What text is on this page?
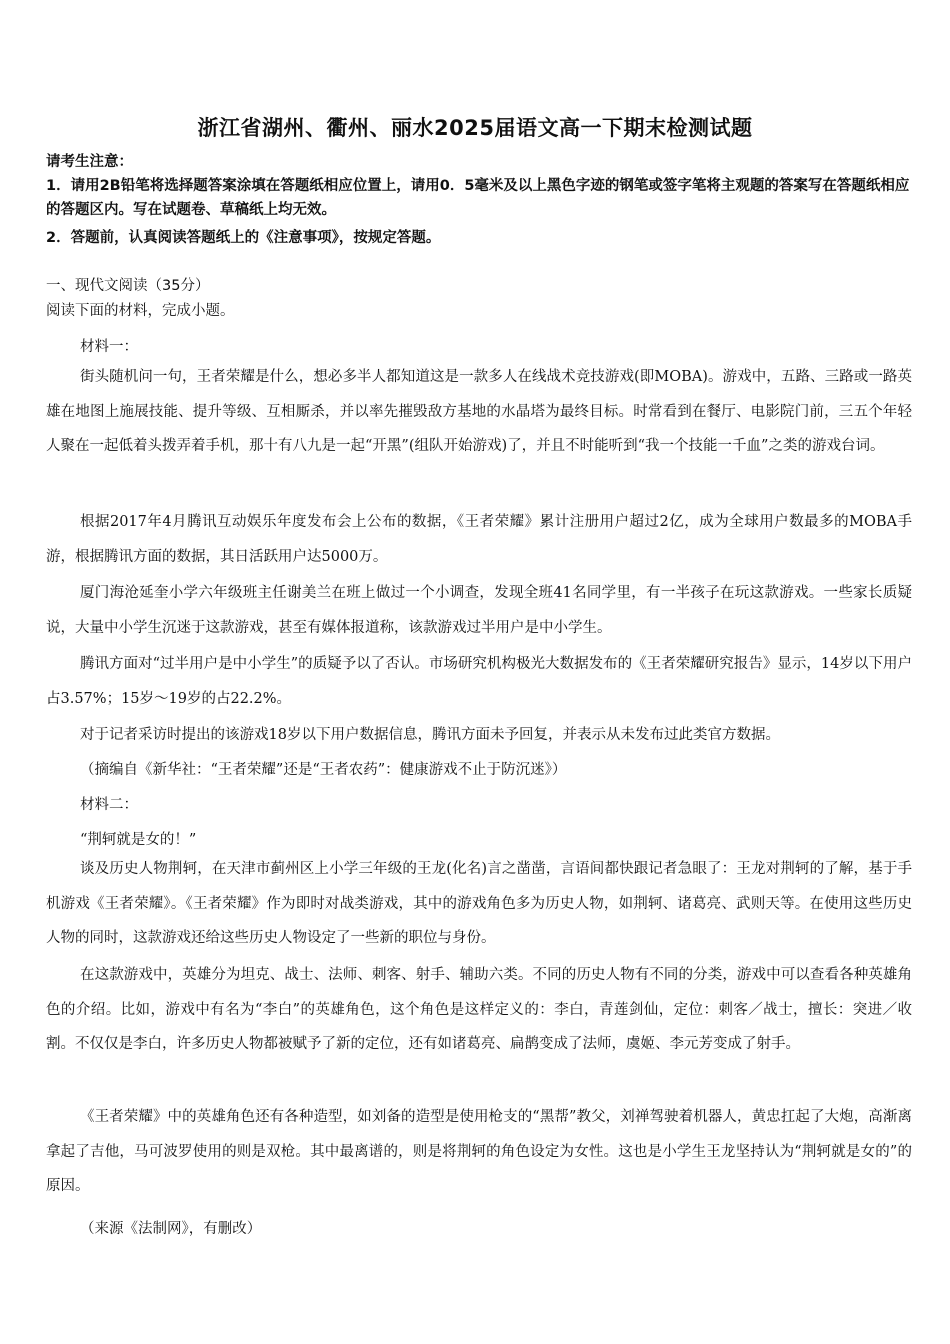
浙江省湖州、衢州、丽水2025届语文高一下期末检测试题
请考生注意：
1．请用2B铅笔将选择题答案涂填在答题纸相应位置上，请用0．5毫米及以上黑色字迹的钢笔或签字笔将主观题的答案写在答题纸相应的答题区内。写在试题卷、草稿纸上均无效。
2．答题前，认真阅读答题纸上的《注意事项》，按规定答题。
一、现代文阅读（35分）
阅读下面的材料，完成小题。
材料一：
街头随机问一句，王者荣耀是什么，想必多半人都知道这是一款多人在线战术竞技游戏(即MOBA)。游戏中，五路、三路或一路英雄在地图上施展技能、提升等级、互相厮杀，并以率先摧毁敌方基地的水晶塔为最终目标。时常看到在餐厅、电影院门前，三五个年轻人聚在一起低着头拨弄着手机，那十有八九是一起“开黑”(组队开始游戏)了，并且不时能听到“我一个技能一千血”之类的游戏台词。
根据2017年4月腾讯互动娱乐年度发布会上公布的数据，《王者荣耀》累计注册用户超过2亿，成为全球用户数最多的MOBA手游，根据腾讯方面的数据，其日活跃用户达5000万。
厦门海沧延奎小学六年级班主任谢美兰在班上做过一个小调查，发现全班41名同学里，有一半孩子在玩这款游戏。一些家长质疑说，大量中小学生沉迷于这款游戏，甚至有媒体报道称，该款游戏过半用户是中小学生。
腾讯方面对“过半用户是中小学生”的质疑予以了否认。市场研究机构极光大数据发布的《王者荣耀研究报告》显示，14岁以下用户占3.57%；15岁～19岁的占22.2%。
对于记者采访时提出的该游戏18岁以下用户数据信息，腾讯方面未予回复，并表示从未发布过此类官方数据。
（摘编自《新华社：“王者荣耀”还是“王者农药”：健康游戏不止于防沉迷》）
材料二：
“荆轲就是女的！”
谈及历史人物荆轲，在天津市蓟州区上小学三年级的王龙(化名)言之凿凿，言语间都快跟记者急眼了：王龙对荆轲的了解，基于手机游戏《王者荣耀》。《王者荣耀》作为即时对战类游戏，其中的游戏角色多为历史人物，如荆轲、诸葛亮、武则天等。在使用这些历史人物的同时，这款游戏还给这些历史人物设定了一些新的职位与身份。
在这款游戏中，英雄分为坦克、战士、法师、刺客、射手、辅助六类。不同的历史人物有不同的分类，游戏中可以查看各种英雄角色的介绍。比如，游戏中有名为“李白”的英雄角色，这个角色是这样定义的：李白，青莲剑仙，定位：刺客／战士，擅长：突进／收割。不仅仅是李白，许多历史人物都被赋予了新的定位，还有如诸葛亮、扁鹊变成了法师，虞姬、李元芳变成了射手。
《王者荣耀》中的英雄角色还有各种造型，如刘备的造型是使用枪支的“黑帮”教父，刘禅驾驶着机器人，黄忠扛起了大炮，高渐离拿起了吉他，马可波罗使用的则是双枪。其中最离谱的，则是将荆轲的角色设定为女性。这也是小学生王龙坚持认为“荆轲就是女的”的原因。
（来源《法制网》，有删改）
